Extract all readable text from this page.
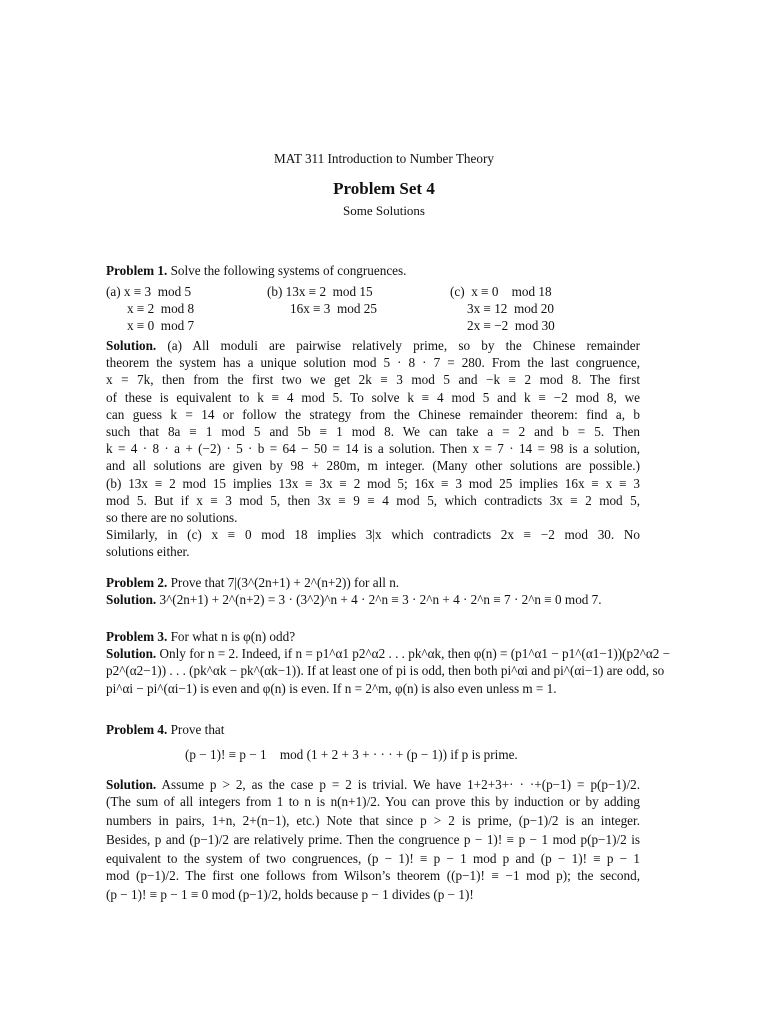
MAT 311 Introduction to Number Theory
Problem Set 4
Some Solutions
Problem 1. Solve the following systems of congruences.
(a) x ≡ 3  mod 5
x ≡ 2  mod 8
x ≡ 0  mod 7
(b) 13x ≡ 2  mod 15
16x ≡ 3  mod 25
(c)  x ≡ 0    mod 18
3x ≡ 12  mod 20
2x ≡ −2  mod 30
Solution. (a) All moduli are pairwise relatively prime, so by the Chinese remainder
theorem the system has a unique solution mod 5 · 8 · 7 = 280. From the last congruence,
x = 7k, then from the first two we get 2k ≡ 3 mod 5 and −k ≡ 2 mod 8. The first
of these is equivalent to k ≡ 4 mod 5. To solve k ≡ 4 mod 5 and k ≡ −2 mod 8, we
can guess k = 14 or follow the strategy from the Chinese remainder theorem: find a, b
such that 8a ≡ 1 mod 5 and 5b ≡ 1 mod 8. We can take a = 2 and b = 5. Then
k = 4 · 8 · a + (−2) · 5 · b = 64 − 50 = 14 is a solution. Then x = 7 · 14 = 98 is a solution,
and all solutions are given by 98 + 280m, m integer. (Many other solutions are possible.)
(b) 13x ≡ 2 mod 15 implies 13x ≡ 3x ≡ 2 mod 5; 16x ≡ 3 mod 25 implies 16x ≡ x ≡ 3
mod 5. But if x ≡ 3 mod 5, then 3x ≡ 9 ≡ 4 mod 5, which contradicts 3x ≡ 2 mod 5,
so there are no solutions.
Similarly, in (c) x ≡ 0 mod 18 implies 3|x which contradicts 2x ≡ −2 mod 30. No
solutions either.
Problem 2. Prove that 7|(3^(2n+1) + 2^(n+2)) for all n.
Solution. 3^(2n+1) + 2^(n+2) = 3 · (3^2)^n + 4 · 2^n ≡ 3 · 2^n + 4 · 2^n ≡ 7 · 2^n ≡ 0 mod 7.
Problem 3. For what n is φ(n) odd?
Solution. Only for n = 2. Indeed, if n = p1^α1 p2^α2 . . . pk^αk, then φ(n) = (p1^α1 − p1^(α1−1))(p2^α2 −
p2^(α2−1)) . . . (pk^αk − pk^(αk−1)). If at least one of pi is odd, then both pi^αi and pi^(αi−1) are odd, so
pi^αi − pi^(αi−1) is even and φ(n) is even. If n = 2^m, φ(n) is also even unless m = 1.
Problem 4. Prove that
(p − 1)! ≡ p − 1    mod (1 + 2 + 3 + · · · + (p − 1)) if p is prime.
Solution. Assume p > 2, as the case p = 2 is trivial. We have 1+2+3+· · ·+(p−1) = p(p−1)/2.
(The sum of all integers from 1 to n is n(n+1)/2. You can prove this by induction or by adding
numbers in pairs, 1+n, 2+(n−1), etc.) Note that since p > 2 is prime, (p−1)/2 is an integer.
Besides, p and (p−1)/2 are relatively prime. Then the congruence p − 1)! ≡ p − 1 mod p(p−1)/2 is
equivalent to the system of two congruences, (p − 1)! ≡ p − 1 mod p and (p − 1)! ≡ p − 1
mod (p−1)/2. The first one follows from Wilson’s theorem ((p−1)! ≡ −1 mod p); the second,
(p − 1)! ≡ p − 1 ≡ 0 mod (p−1)/2, holds because p − 1 divides (p − 1)!
